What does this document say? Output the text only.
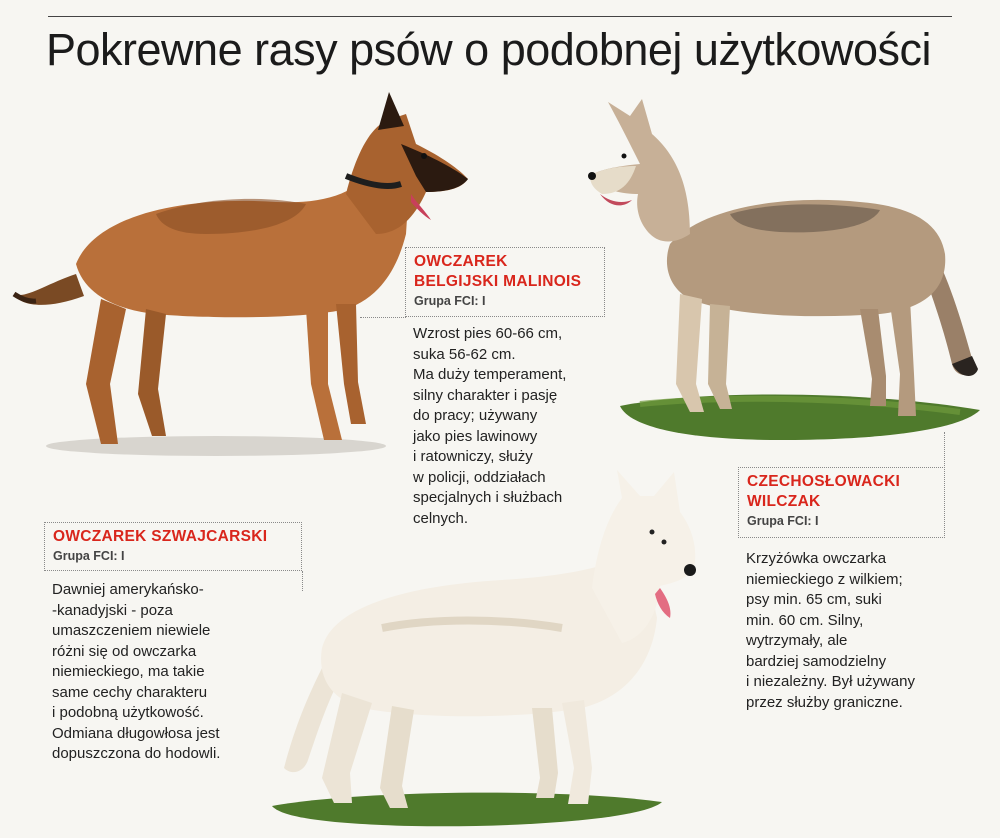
Pokrewne rasy psów o podobnej użytkowości
OWCZAREK
BELGIJSKI MALINOIS
Grupa FCI: I
Wzrost pies 60-66 cm,
suka 56-62 cm.
Ma duży temperament,
silny charakter i pasję
do pracy; używany
jako pies lawinowy
i ratowniczy, służy
w policji, oddziałach
specjalnych i służbach
celnych.
CZECHOSŁOWACKI
WILCZAK
Grupa FCI: I
Krzyżówka owczarka
niemieckiego z wilkiem;
psy min. 65 cm, suki
min. 60 cm. Silny,
wytrzymały, ale
bardziej samodzielny
i niezależny. Był używany
przez służby graniczne.
OWCZAREK SZWAJCARSKI
Grupa FCI: I
Dawniej amerykańsko-
-kanadyjski - poza
umaszczeniem niewiele
różni się od owczarka
niemieckiego, ma takie
same cechy charakteru
i podobną użytkowość.
Odmiana długowłosa jest
dopuszczona do hodowli.
